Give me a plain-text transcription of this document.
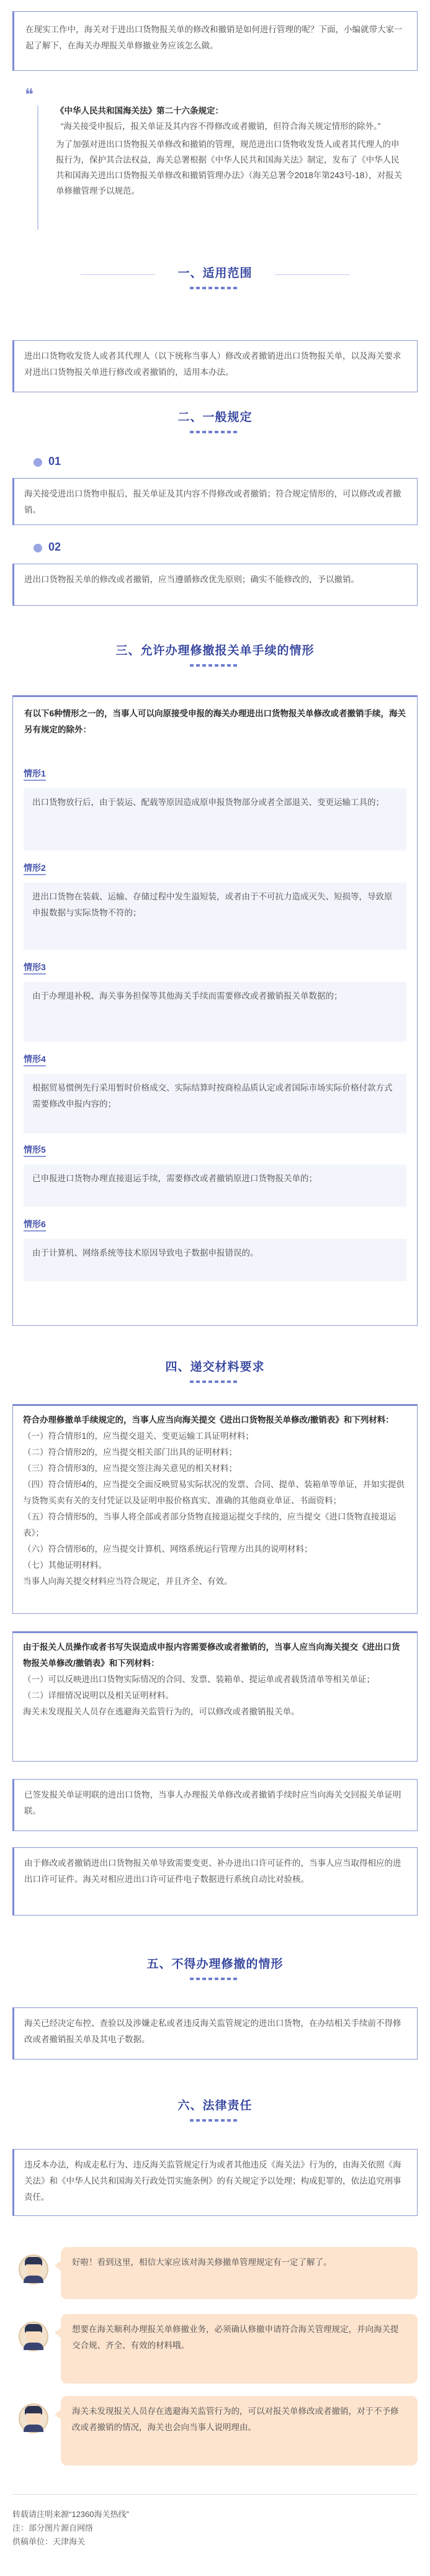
在现实工作中，海关对于进出口货物报关单的修改和撤销是如何进行管理的呢？下面，小编就带大家一起了解下，在海关办理报关单修撤业务应该怎么做。
❝
《中华人民共和国海关法》第二十六条规定：
“海关接受申报后，报关单证及其内容不得修改或者撤销，但符合海关规定情形的除外。”
为了加强对进出口货物报关单修改和撤销的管理，规范进出口货物收发货人或者其代理人的申报行为，保护其合法权益，海关总署根据《中华人民共和国海关法》制定，发布了《中华人民共和国海关进出口货物报关单修改和撤销管理办法》（海关总署令2018年第243号-18），对报关单修撤管理予以规范。
一、适用范围
进出口货物收发货人或者其代理人（以下统称当事人）修改或者撤销进出口货物报关单，以及海关要求对进出口货物报关单进行修改或者撤销的，适用本办法。
二、一般规定
01
海关接受进出口货物申报后，报关单证及其内容不得修改或者撤销；符合规定情形的，可以修改或者撤销。
02
进出口货物报关单的修改或者撤销，应当遵循修改优先原则；确实不能修改的，予以撤销。
三、允许办理修撤报关单手续的情形
有以下6种情形之一的，当事人可以向原接受申报的海关办理进出口货物报关单修改或者撤销手续，海关另有规定的除外：
情形1
出口货物放行后，由于装运、配载等原因造成原申报货物部分或者全部退关、变更运输工具的；
情形2
进出口货物在装载、运输、存储过程中发生溢短装，或者由于不可抗力造成灭失、短损等，导致原申报数据与实际货物不符的；
情形3
由于办理退补税、海关事务担保等其他海关手续而需要修改或者撤销报关单数据的；
情形4
根据贸易惯例先行采用暂时价格成交、实际结算时按商检品质认定或者国际市场实际价格付款方式需要修改申报内容的；
情形5
已申报进口货物办理直接退运手续，需要修改或者撤销原进口货物报关单的；
情形6
由于计算机、网络系统等技术原因导致电子数据申报错误的。
四、递交材料要求
符合办理修撤单手续规定的，当事人应当向海关提交《进出口货物报关单修改/撤销表》和下列材料：
（一）符合情形1的，应当提交退关、变更运输工具证明材料；
（二）符合情形2的，应当提交相关部门出具的证明材料；
（三）符合情形3的，应当提交签注海关意见的相关材料；
（四）符合情形4的，应当提交全面反映贸易实际状况的发票、合同、提单、装箱单等单证，并如实提供与货物买卖有关的支付凭证以及证明申报价格真实、准确的其他商业单证、书面资料；
（五）符合情形5的，当事人将全部或者部分货物直接退运提交手续的，应当提交《进口货物直接退运表》；
（六）符合情形6的，应当提交计算机、网络系统运行管理方出具的说明材料；
（七）其他证明材料。
当事人向海关提交材料应当符合规定，并且齐全、有效。
由于报关人员操作或者书写失误造成申报内容需要修改或者撤销的，当事人应当向海关提交《进出口货物报关单修改/撤销表》和下列材料：
（一）可以反映进出口货物实际情况的合同、发票、装箱单、提运单或者载货清单等相关单证；
（二）详细情况说明以及相关证明材料。
海关未发现报关人员存在逃避海关监管行为的，可以修改或者撤销报关单。
已签发报关单证明联的进出口货物，当事人办理报关单修改或者撤销手续时应当向海关交回报关单证明联。
由于修改或者撤销进出口货物报关单导致需要变更、补办进出口许可证件的，当事人应当取得相应的进出口许可证件。海关对相应进出口许可证件电子数据进行系统自动比对验核。
五、不得办理修撤的情形
海关已经决定布控、查验以及涉嫌走私或者违反海关监管规定的进出口货物，在办结相关手续前不得修改或者撤销报关单及其电子数据。
六、法律责任
违反本办法，构成走私行为、违反海关监管规定行为或者其他违反《海关法》行为的，由海关依照《海关法》和《中华人民共和国海关行政处罚实施条例》的有关规定予以处理；构成犯罪的，依法追究刑事责任。
好啦！看到这里，相信大家应该对海关修撤单管理规定有一定了解了。
想要在海关顺利办理报关单修撤业务，必须确认修撤申请符合海关管理规定，并向海关提交合规、齐全、有效的材料哦。
海关未发现报关人员存在逃避海关监管行为的，可以对报关单修改或者撤销，对于不予修改或者撤销的情况，海关也会向当事人说明理由。
转载请注明来源“12360海关热线”
注：部分图片源自网络
供稿单位：天津海关
